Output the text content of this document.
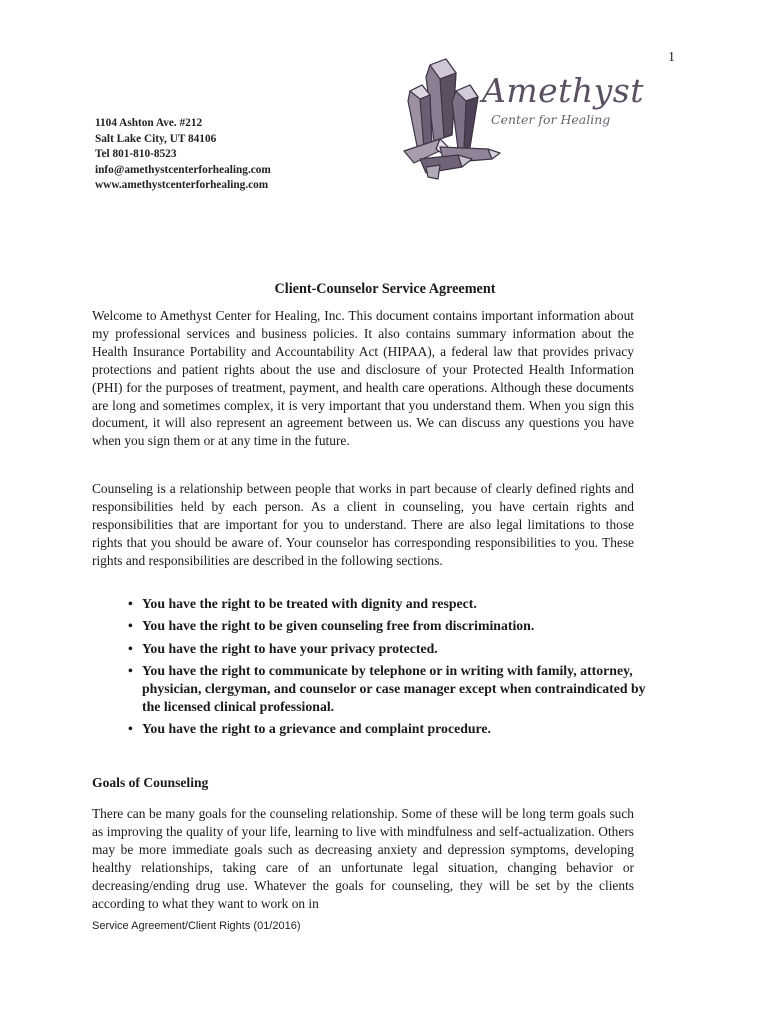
1
Amethyst
Center for Healing
1104 Ashton Ave. #212
Salt Lake City, UT 84106
Tel 801-810-8523
info@amethystcenterforhealing.com
www.amethystcenterforhealing.com
Client-Counselor Service Agreement

Welcome to Amethyst Center for Healing, Inc. This document contains important information about my professional services and business policies. It also contains summary information about the Health Insurance Portability and Accountability Act (HIPAA), a federal law that provides privacy protections and patient rights about the use and disclosure of your Protected Health Information (PHI) for the purposes of treatment, payment, and health care operations. Although these documents are long and sometimes complex, it is very important that you understand them. When you sign this document, it will also represent an agreement between us. We can discuss any questions you have when you sign them or at any time in the future.

Counseling is a relationship between people that works in part because of clearly defined rights and responsibilities held by each person. As a client in counseling, you have certain rights and responsibilities that are important for you to understand. There are also legal limitations to those rights that you should be aware of. Your counselor has corresponding responsibilities to you. These rights and responsibilities are described in the following sections.

• You have the right to be treated with dignity and respect.
• You have the right to be given counseling free from discrimination.
• You have the right to have your privacy protected.
• You have the right to communicate by telephone or in writing with family, attorney, physician, clergyman, and counselor or case manager except when contraindicated by the licensed clinical professional.
• You have the right to a grievance and complaint procedure.
Goals of Counseling

There can be many goals for the counseling relationship. Some of these will be long term goals such as improving the quality of your life, learning to live with mindfulness and self-actualization. Others may be more immediate goals such as decreasing anxiety and depression symptoms, developing healthy relationships, taking care of an unfortunate legal situation, changing behavior or decreasing/ending drug use. Whatever the goals for counseling, they will be set by the clients according to what they want to work on in

Service Agreement/Client Rights (01/2016)
